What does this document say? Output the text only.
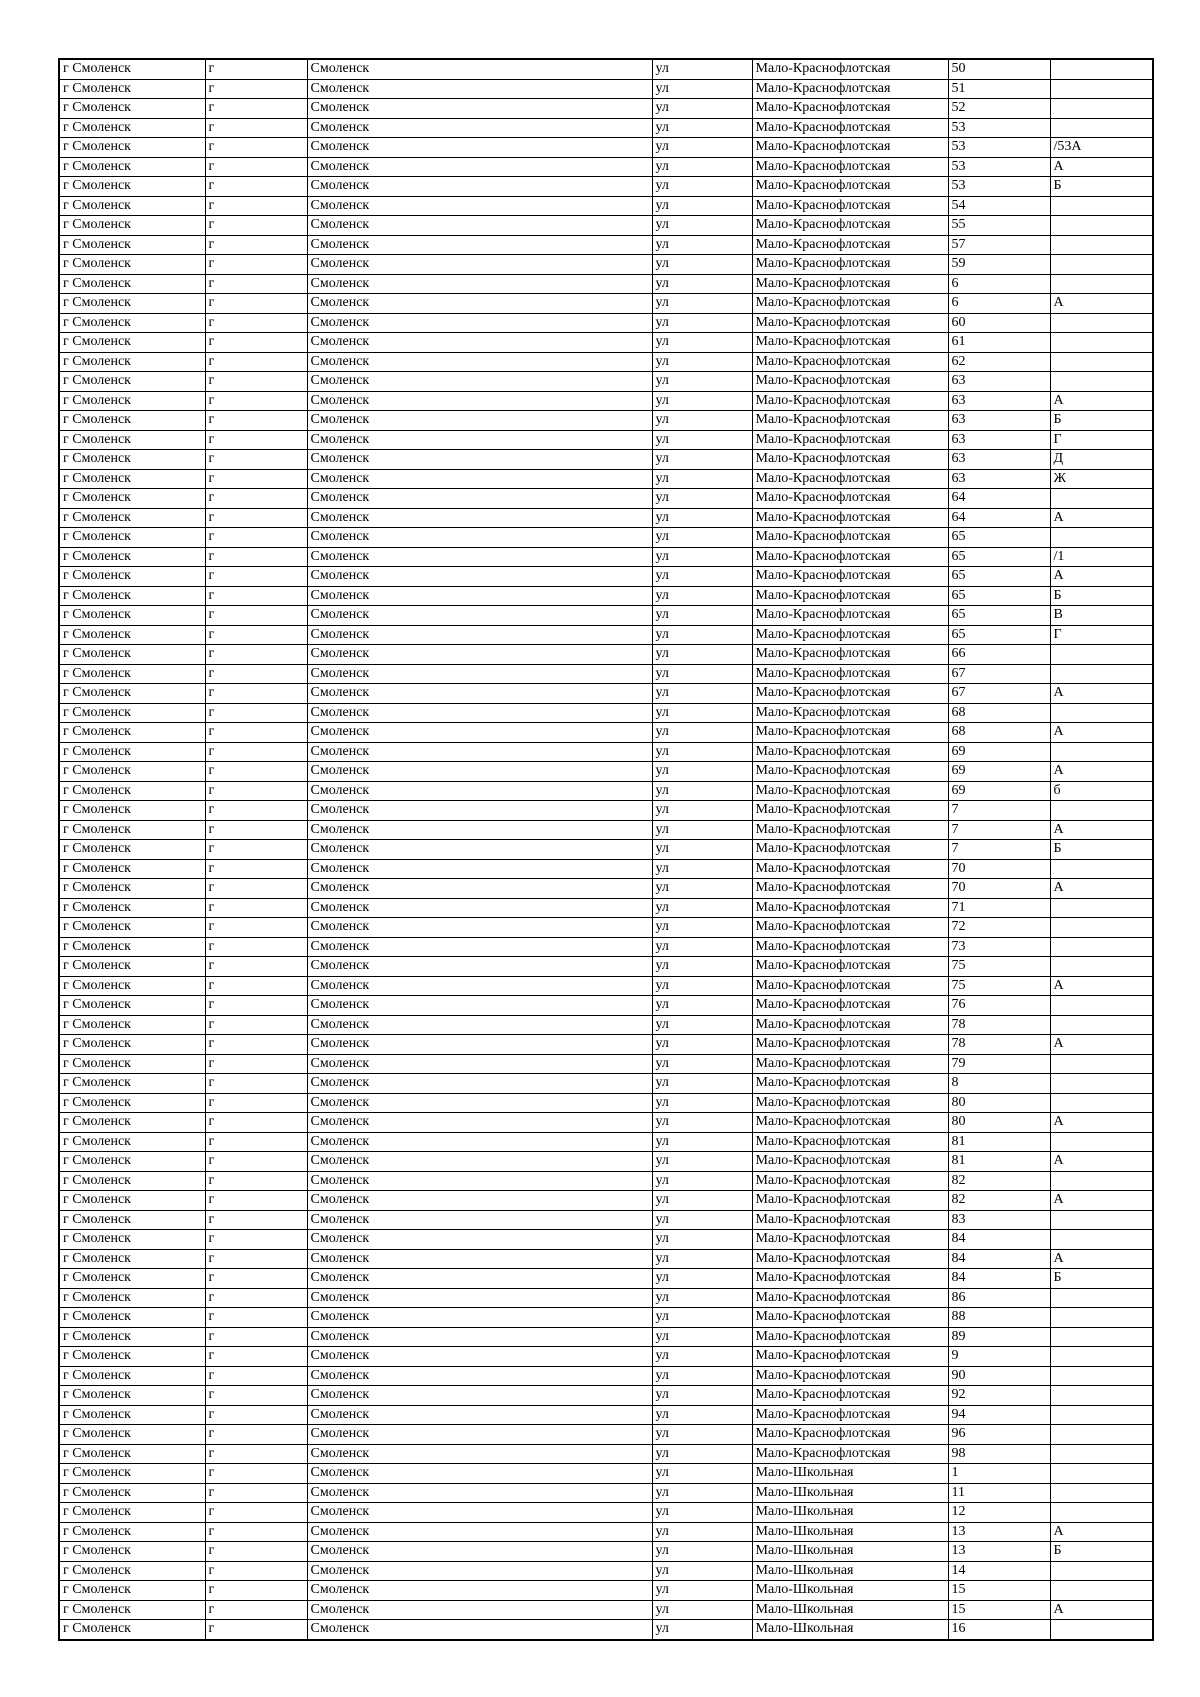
г Смоленск	г	Смоленск	ул	Мало-Краснофлотская	50	
г Смоленск	г	Смоленск	ул	Мало-Краснофлотская	51	
г Смоленск	г	Смоленск	ул	Мало-Краснофлотская	52	
г Смоленск	г	Смоленск	ул	Мало-Краснофлотская	53	
г Смоленск	г	Смоленск	ул	Мало-Краснофлотская	53	/53А
г Смоленск	г	Смоленск	ул	Мало-Краснофлотская	53	А
г Смоленск	г	Смоленск	ул	Мало-Краснофлотская	53	Б
г Смоленск	г	Смоленск	ул	Мало-Краснофлотская	54	
г Смоленск	г	Смоленск	ул	Мало-Краснофлотская	55	
г Смоленск	г	Смоленск	ул	Мало-Краснофлотская	57	
г Смоленск	г	Смоленск	ул	Мало-Краснофлотская	59	
г Смоленск	г	Смоленск	ул	Мало-Краснофлотская	6	
г Смоленск	г	Смоленск	ул	Мало-Краснофлотская	6	А
г Смоленск	г	Смоленск	ул	Мало-Краснофлотская	60	
г Смоленск	г	Смоленск	ул	Мало-Краснофлотская	61	
г Смоленск	г	Смоленск	ул	Мало-Краснофлотская	62	
г Смоленск	г	Смоленск	ул	Мало-Краснофлотская	63	
г Смоленск	г	Смоленск	ул	Мало-Краснофлотская	63	А
г Смоленск	г	Смоленск	ул	Мало-Краснофлотская	63	Б
г Смоленск	г	Смоленск	ул	Мало-Краснофлотская	63	Г
г Смоленск	г	Смоленск	ул	Мало-Краснофлотская	63	Д
г Смоленск	г	Смоленск	ул	Мало-Краснофлотская	63	Ж
г Смоленск	г	Смоленск	ул	Мало-Краснофлотская	64	
г Смоленск	г	Смоленск	ул	Мало-Краснофлотская	64	А
г Смоленск	г	Смоленск	ул	Мало-Краснофлотская	65	
г Смоленск	г	Смоленск	ул	Мало-Краснофлотская	65	/1
г Смоленск	г	Смоленск	ул	Мало-Краснофлотская	65	А
г Смоленск	г	Смоленск	ул	Мало-Краснофлотская	65	Б
г Смоленск	г	Смоленск	ул	Мало-Краснофлотская	65	В
г Смоленск	г	Смоленск	ул	Мало-Краснофлотская	65	Г
г Смоленск	г	Смоленск	ул	Мало-Краснофлотская	66	
г Смоленск	г	Смоленск	ул	Мало-Краснофлотская	67	
г Смоленск	г	Смоленск	ул	Мало-Краснофлотская	67	А
г Смоленск	г	Смоленск	ул	Мало-Краснофлотская	68	
г Смоленск	г	Смоленск	ул	Мало-Краснофлотская	68	А
г Смоленск	г	Смоленск	ул	Мало-Краснофлотская	69	
г Смоленск	г	Смоленск	ул	Мало-Краснофлотская	69	А
г Смоленск	г	Смоленск	ул	Мало-Краснофлотская	69	б
г Смоленск	г	Смоленск	ул	Мало-Краснофлотская	7	
г Смоленск	г	Смоленск	ул	Мало-Краснофлотская	7	А
г Смоленск	г	Смоленск	ул	Мало-Краснофлотская	7	Б
г Смоленск	г	Смоленск	ул	Мало-Краснофлотская	70	
г Смоленск	г	Смоленск	ул	Мало-Краснофлотская	70	А
г Смоленск	г	Смоленск	ул	Мало-Краснофлотская	71	
г Смоленск	г	Смоленск	ул	Мало-Краснофлотская	72	
г Смоленск	г	Смоленск	ул	Мало-Краснофлотская	73	
г Смоленск	г	Смоленск	ул	Мало-Краснофлотская	75	
г Смоленск	г	Смоленск	ул	Мало-Краснофлотская	75	А
г Смоленск	г	Смоленск	ул	Мало-Краснофлотская	76	
г Смоленск	г	Смоленск	ул	Мало-Краснофлотская	78	
г Смоленск	г	Смоленск	ул	Мало-Краснофлотская	78	А
г Смоленск	г	Смоленск	ул	Мало-Краснофлотская	79	
г Смоленск	г	Смоленск	ул	Мало-Краснофлотская	8	
г Смоленск	г	Смоленск	ул	Мало-Краснофлотская	80	
г Смоленск	г	Смоленск	ул	Мало-Краснофлотская	80	А
г Смоленск	г	Смоленск	ул	Мало-Краснофлотская	81	
г Смоленск	г	Смоленск	ул	Мало-Краснофлотская	81	А
г Смоленск	г	Смоленск	ул	Мало-Краснофлотская	82	
г Смоленск	г	Смоленск	ул	Мало-Краснофлотская	82	А
г Смоленск	г	Смоленск	ул	Мало-Краснофлотская	83	
г Смоленск	г	Смоленск	ул	Мало-Краснофлотская	84	
г Смоленск	г	Смоленск	ул	Мало-Краснофлотская	84	А
г Смоленск	г	Смоленск	ул	Мало-Краснофлотская	84	Б
г Смоленск	г	Смоленск	ул	Мало-Краснофлотская	86	
г Смоленск	г	Смоленск	ул	Мало-Краснофлотская	88	
г Смоленск	г	Смоленск	ул	Мало-Краснофлотская	89	
г Смоленск	г	Смоленск	ул	Мало-Краснофлотская	9	
г Смоленск	г	Смоленск	ул	Мало-Краснофлотская	90	
г Смоленск	г	Смоленск	ул	Мало-Краснофлотская	92	
г Смоленск	г	Смоленск	ул	Мало-Краснофлотская	94	
г Смоленск	г	Смоленск	ул	Мало-Краснофлотская	96	
г Смоленск	г	Смоленск	ул	Мало-Краснофлотская	98	
г Смоленск	г	Смоленск	ул	Мало-Школьная	1	
г Смоленск	г	Смоленск	ул	Мало-Школьная	11	
г Смоленск	г	Смоленск	ул	Мало-Школьная	12	
г Смоленск	г	Смоленск	ул	Мало-Школьная	13	А
г Смоленск	г	Смоленск	ул	Мало-Школьная	13	Б
г Смоленск	г	Смоленск	ул	Мало-Школьная	14	
г Смоленск	г	Смоленск	ул	Мало-Школьная	15	
г Смоленск	г	Смоленск	ул	Мало-Школьная	15	А
г Смоленск	г	Смоленск	ул	Мало-Школьная	16	
